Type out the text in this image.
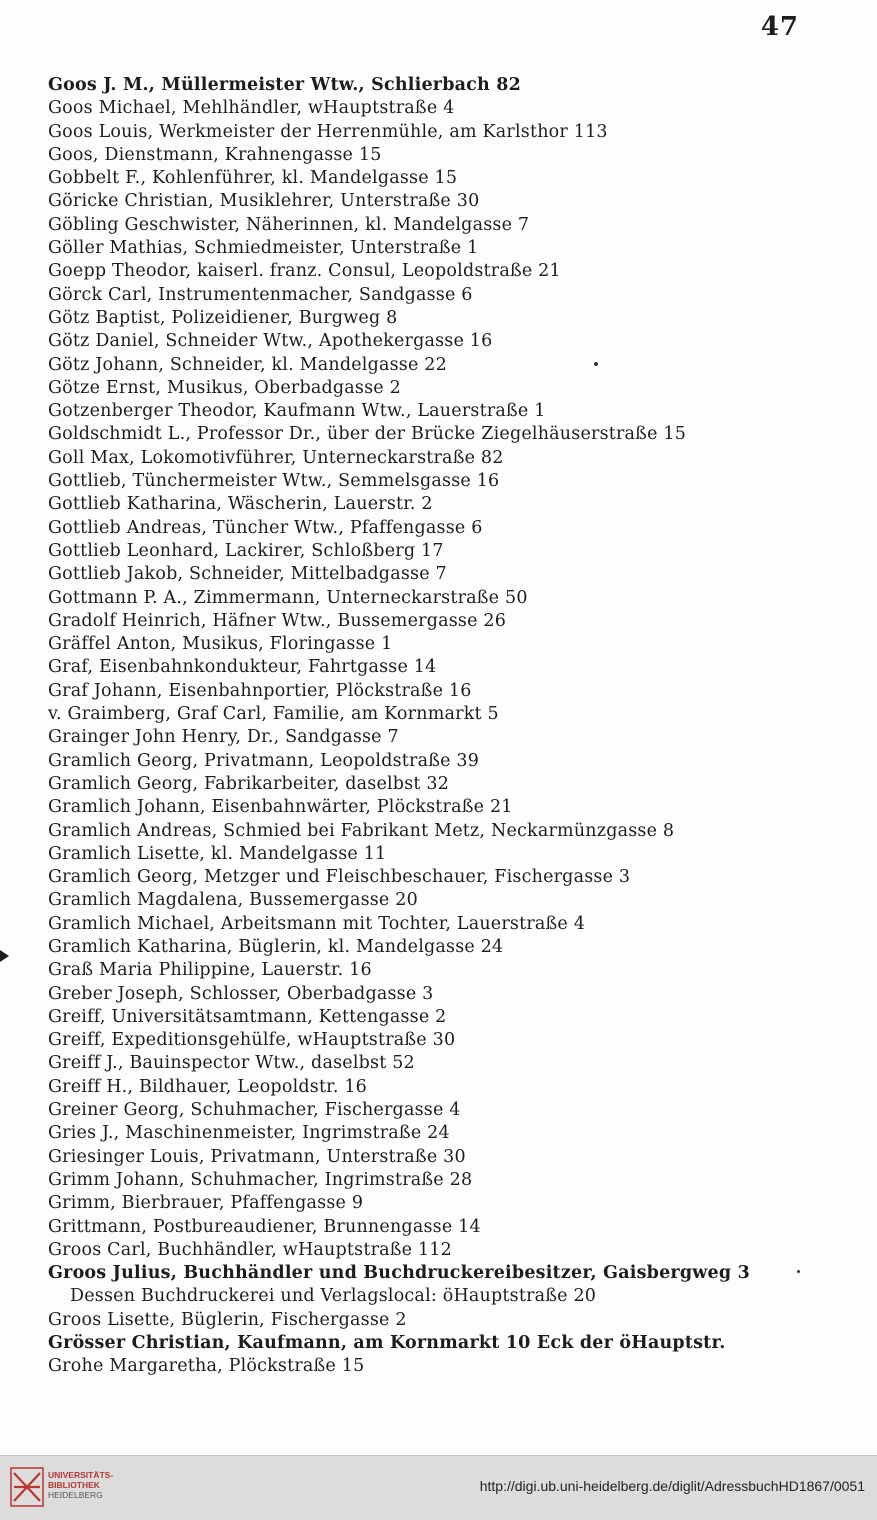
47
Goos J. M., Müllermeister Wtw., Schlierbach 82
Goos Michael, Mehlhändler, wHauptstraße 4
Goos Louis, Werkmeister der Herrenmühle, am Karlsthor 113
Goos, Dienstmann, Krahnengasse 15
Gobbelt F., Kohlenführer, kl. Mandelgasse 15
Göricke Christian, Musiklehrer, Unterstraße 30
Göbling Geschwister, Näherinnen, kl. Mandelgasse 7
Göller Mathias, Schmiedmeister, Unterstraße 1
Goepp Theodor, kaiserl. franz. Consul, Leopoldstraße 21
Görck Carl, Instrumentenmacher, Sandgasse 6
Götz Baptist, Polizeidiener, Burgweg 8
Götz Daniel, Schneider Wtw., Apothekergasse 16
Götz Johann, Schneider, kl. Mandelgasse 22
Götze Ernst, Musikus, Oberbadgasse 2
Gotzenberger Theodor, Kaufmann Wtw., Lauerstraße 1
Goldschmidt L., Professor Dr., über der Brücke Ziegelhäuserstraße 15
Goll Max, Lokomotivführer, Unterneckarstraße 82
Gottlieb, Tünchermeister Wtw., Semmelsgasse 16
Gottlieb Katharina, Wäscherin, Lauerstr. 2
Gottlieb Andreas, Tüncher Wtw., Pfaffengasse 6
Gottlieb Leonhard, Lackirer, Schloßberg 17
Gottlieb Jakob, Schneider, Mittelbadgasse 7
Gottmann P. A., Zimmermann, Unterneckarstraße 50
Gradolf Heinrich, Häfner Wtw., Bussemergasse 26
Gräffel Anton, Musikus, Floringasse 1
Graf, Eisenbahnkondukteur, Fahrtgasse 14
Graf Johann, Eisenbahnportier, Plöckstraße 16
v. Graimberg, Graf Carl, Familie, am Kornmarkt 5
Grainger John Henry, Dr., Sandgasse 7
Gramlich Georg, Privatmann, Leopoldstraße 39
Gramlich Georg, Fabrikarbeiter, daselbst 32
Gramlich Johann, Eisenbahnwärter, Plöckstraße 21
Gramlich Andreas, Schmied bei Fabrikant Metz, Neckarmünzgasse 8
Gramlich Lisette, kl. Mandelgasse 11
Gramlich Georg, Metzger und Fleischbeschauer, Fischergasse 3
Gramlich Magdalena, Bussemergasse 20
Gramlich Michael, Arbeitsmann mit Tochter, Lauerstraße 4
Gramlich Katharina, Büglerin, kl. Mandelgasse 24
Graß Maria Philippine, Lauerstr. 16
Greber Joseph, Schlosser, Oberbadgasse 3
Greiff, Universitätsamtmann, Kettengasse 2
Greiff, Expeditionsgehülfe, wHauptstraße 30
Greiff J., Bauinspector Wtw., daselbst 52
Greiff H., Bildhauer, Leopoldstr. 16
Greiner Georg, Schuhmacher, Fischergasse 4
Gries J., Maschinenmeister, Ingrimstraße 24
Griesinger Louis, Privatmann, Unterstraße 30
Grimm Johann, Schuhmacher, Ingrimstraße 28
Grimm, Bierbrauer, Pfaffengasse 9
Grittmann, Postbureaudiener, Brunnengasse 14
Groos Carl, Buchhändler, wHauptstraße 112
Groos Julius, Buchhändler und Buchdruckereibesitzer, Gaisbergweg 3
Dessen Buchdruckerei und Verlagslocal: öHauptstraße 20
Groos Lisette, Büglerin, Fischergasse 2
Grösser Christian, Kaufmann, am Kornmarkt 10 Eck der öHauptstr.
Grohe Margaretha, Plöckstraße 15
UNIVERSITÄTS-
BIBLIOTHEK
HEIDELBERG
http://digi.ub.uni-heidelberg.de/diglit/AdressbuchHD1867/0051
